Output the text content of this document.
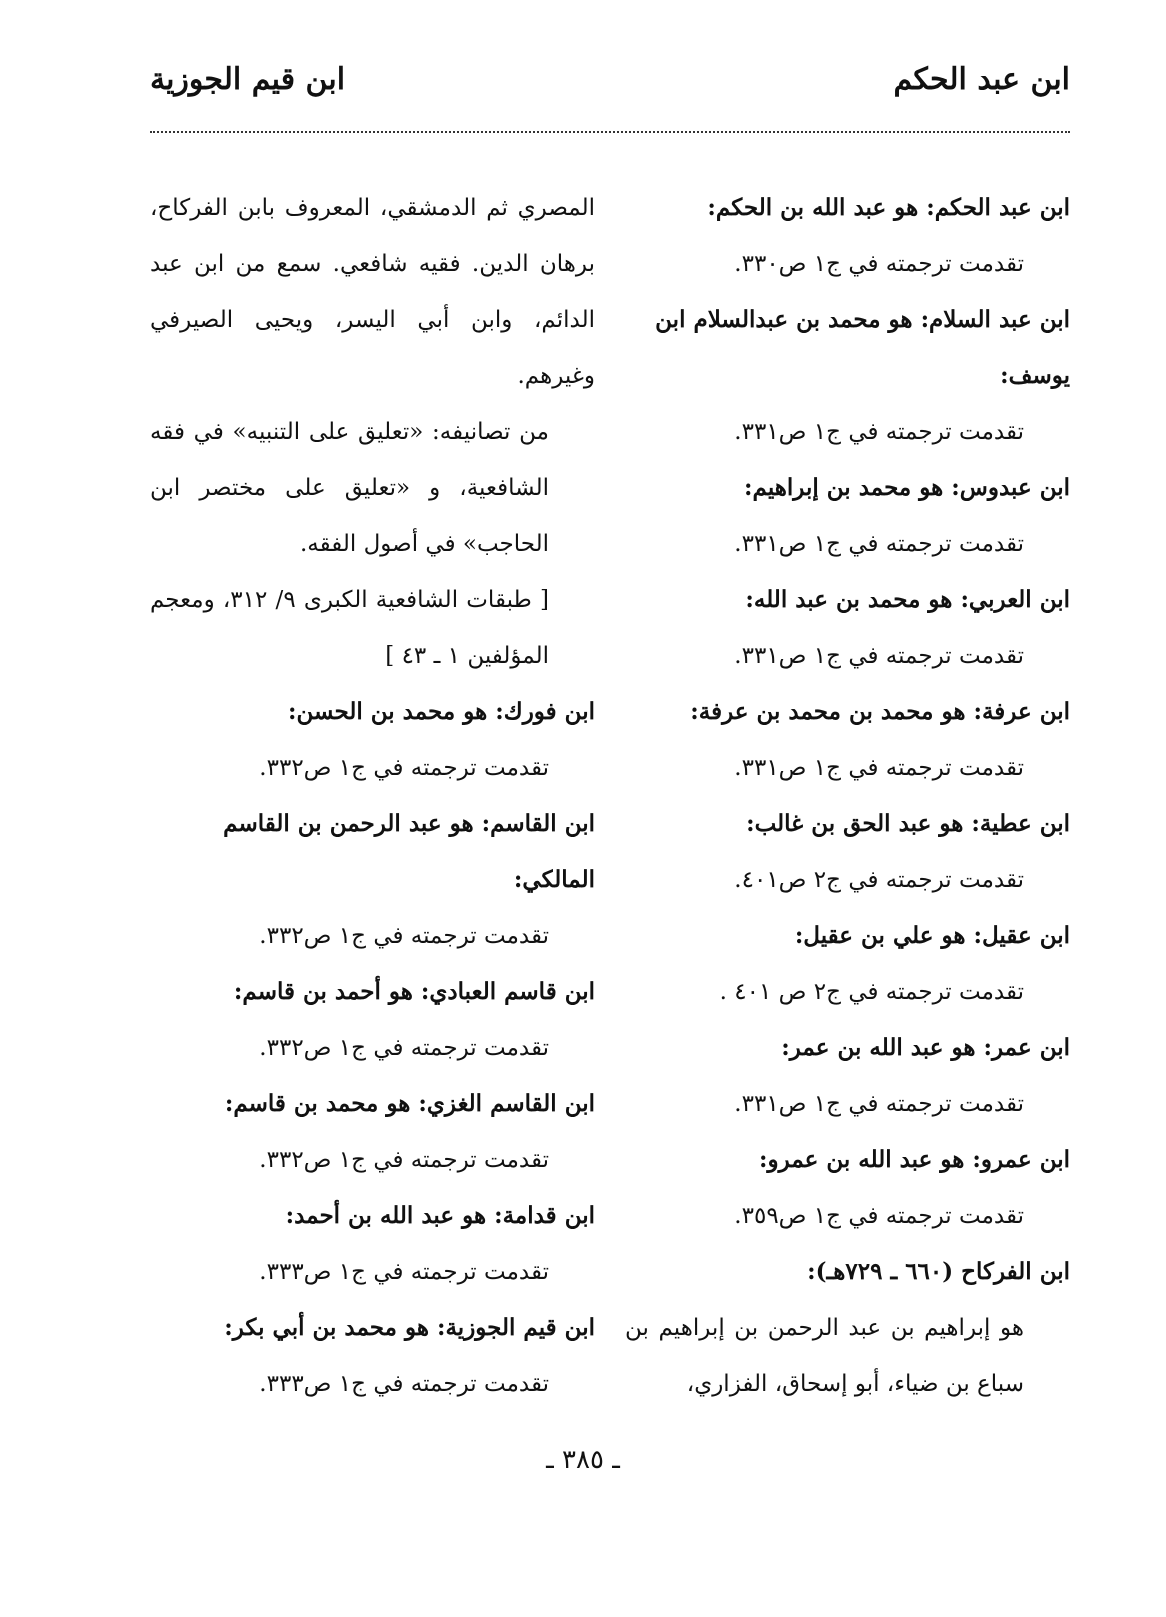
ابن عبد الحكم
ابن قيم الجوزية
ابن عبد الحكم: هو عبد الله بن الحكم:
تقدمت ترجمته في ج١ ص٣٣٠.
ابن عبد السلام: هو محمد بن عبدالسلام ابن يوسف:
تقدمت ترجمته في ج١ ص٣٣١.
ابن عبدوس: هو محمد بن إبراهيم:
تقدمت ترجمته في ج١ ص٣٣١.
ابن العربي: هو محمد بن عبد الله:
تقدمت ترجمته في ج١ ص٣٣١.
ابن عرفة: هو محمد بن محمد بن عرفة:
تقدمت ترجمته في ج١ ص٣٣١.
ابن عطية: هو عبد الحق بن غالب:
تقدمت ترجمته في ج٢ ص٤٠١.
ابن عقيل: هو علي بن عقيل:
تقدمت ترجمته في ج٢ ص ٤٠١ .
ابن عمر: هو عبد الله بن عمر:
تقدمت ترجمته في ج١ ص٣٣١.
ابن عمرو: هو عبد الله بن عمرو:
تقدمت ترجمته في ج١ ص٣٥٩.
ابن الفركاح (٦٦٠ ـ ٧٢٩هـ):
هو إبراهيم بن عبد الرحمن بن إبراهيم بن سباع بن ضياء، أبو إسحاق، الفزاري،
المصري ثم الدمشقي، المعروف بابن الفركاح، برهان الدين. فقيه شافعي. سمع من ابن عبد الدائم، وابن أبي اليسر، ويحيى الصيرفي وغيرهم.
من تصانيفه: «تعليق على التنبيه» في فقه الشافعية، و «تعليق على مختصر ابن الحاجب» في أصول الفقه.
[ طبقات الشافعية الكبرى ٩/ ٣١٢، ومعجم المؤلفين ١ ـ ٤٣ ]
ابن فورك: هو محمد بن الحسن:
تقدمت ترجمته في ج١ ص٣٣٢.
ابن القاسم: هو عبد الرحمن بن القاسم المالكي:
تقدمت ترجمته في ج١ ص٣٣٢.
ابن قاسم العبادي: هو أحمد بن قاسم:
تقدمت ترجمته في ج١ ص٣٣٢.
ابن القاسم الغزي: هو محمد بن قاسم:
تقدمت ترجمته في ج١ ص٣٣٢.
ابن قدامة: هو عبد الله بن أحمد:
تقدمت ترجمته في ج١ ص٣٣٣.
ابن قيم الجوزية: هو محمد بن أبي بكر:
تقدمت ترجمته في ج١ ص٣٣٣.
ـ ٣٨٥ ـ
